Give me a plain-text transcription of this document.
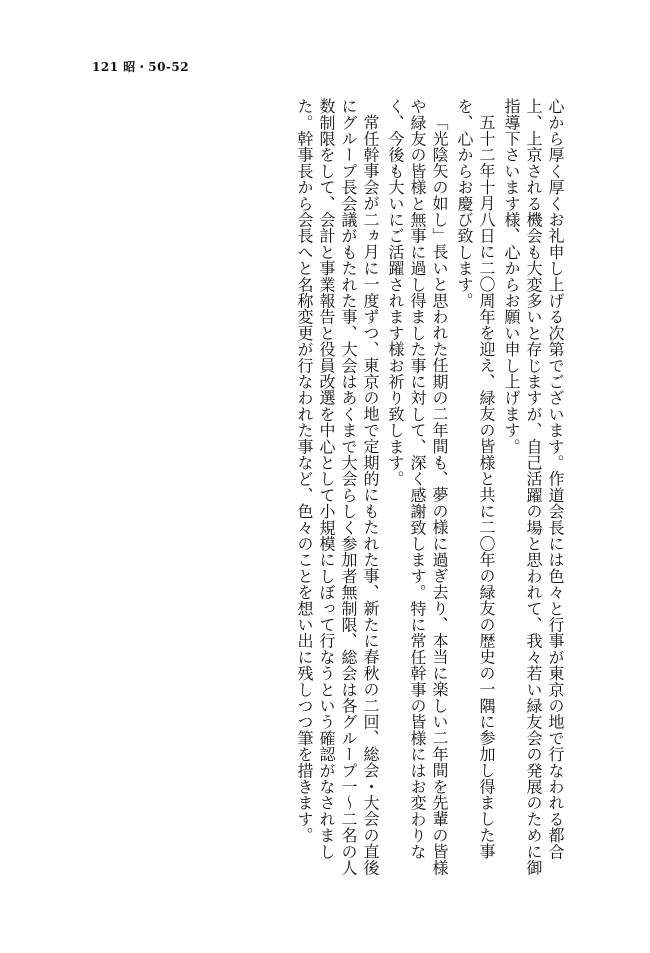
121 昭・50-52

心から厚く厚くお礼申し上げる次第でございます。作道会長には色々と行事が東京の地で行なわれる都合上、上京される機会も大変多いと存じますが、自己活躍の場と思われて、我々若い緑友会の発展のために御指導下さいます様、心からお願い申し上げます。

五十二年十月八日に二〇周年を迎え、緑友の皆様と共に二〇年の緑友の歴史の一隅に参加し得ました事を、心からお慶び致します。

「光陰矢の如し」長いと思われた任期の二年間も、夢の様に過ぎ去り、本当に楽しい二年間を先輩の皆様や緑友の皆様と無事に過し得ました事に対して、深く感謝致します。特に常任幹事の皆様にはお変わりなく、今後も大いにご活躍されます様お祈り致します。

常任幹事会が二ヵ月に一度ずつ、東京の地で定期的にもたれた事、新たに春秋の二回、総会・大会の直後にグループ長会議がもたれた事、大会はあくまで大会らしく参加者無制限、総会は各グループ一～二名の人数制限をして、会計と事業報告と役員改選を中心として小規模にしぼって行なうという確認がなされました。幹事長から会長へと名称変更が行なわれた事など、色々のことを想い出に残しつつ筆を措きます。
